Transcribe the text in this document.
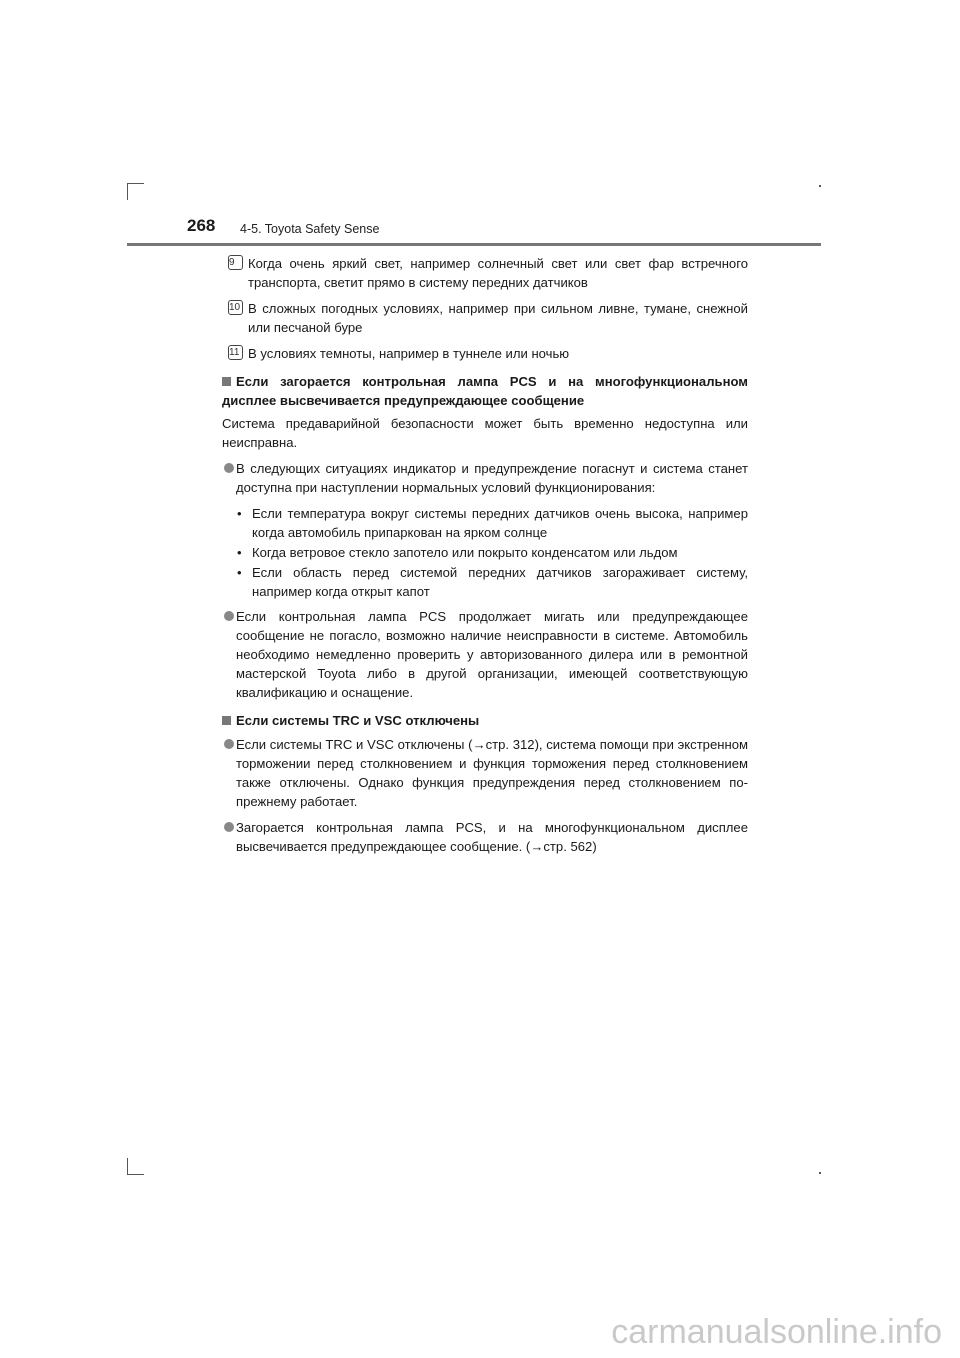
268 4-5. Toyota Safety Sense
9	Когда очень яркий свет, например солнечный свет или свет фар встречного транспорта, светит прямо в систему передних датчиков
10 В сложных погодных условиях, например при сильном ливне, тумане, снежной или песчаной буре
11 В условиях темноты, например в туннеле или ночью
Если загорается контрольная лампа PCS и на многофункциональном дисплее высвечивается предупреждающее сообщение
Система предаварийной безопасности может быть временно недоступна или неисправна.
В следующих ситуациях индикатор и предупреждение погаснут и система станет доступна при наступлении нормальных условий функционирования:
• Если температура вокруг системы передних датчиков очень высока, например когда автомобиль припаркован на ярком солнце
• Когда ветровое стекло запотело или покрыто конденсатом или льдом
• Если область перед системой передних датчиков загораживает систему, например когда открыт капот
Если контрольная лампа PCS продолжает мигать или предупреждающее сообщение не погасло, возможно наличие неисправности в системе. Автомобиль необходимо немедленно проверить у авторизованного дилера или в ремонтной мастерской Toyota либо в другой организации, имеющей соответствующую квалификацию и оснащение.
Если системы TRC и VSC отключены
Если системы TRC и VSC отключены (→стр. 312), система помощи при экстренном торможении перед столкновением и функция торможения перед столкновением также отключены. Однако функция предупреждения перед столкновением по-прежнему работает.
Загорается контрольная лампа PCS, и на многофункциональном дисплее высвечивается предупреждающее сообщение. (→стр. 562)
carmanualsonline.info
